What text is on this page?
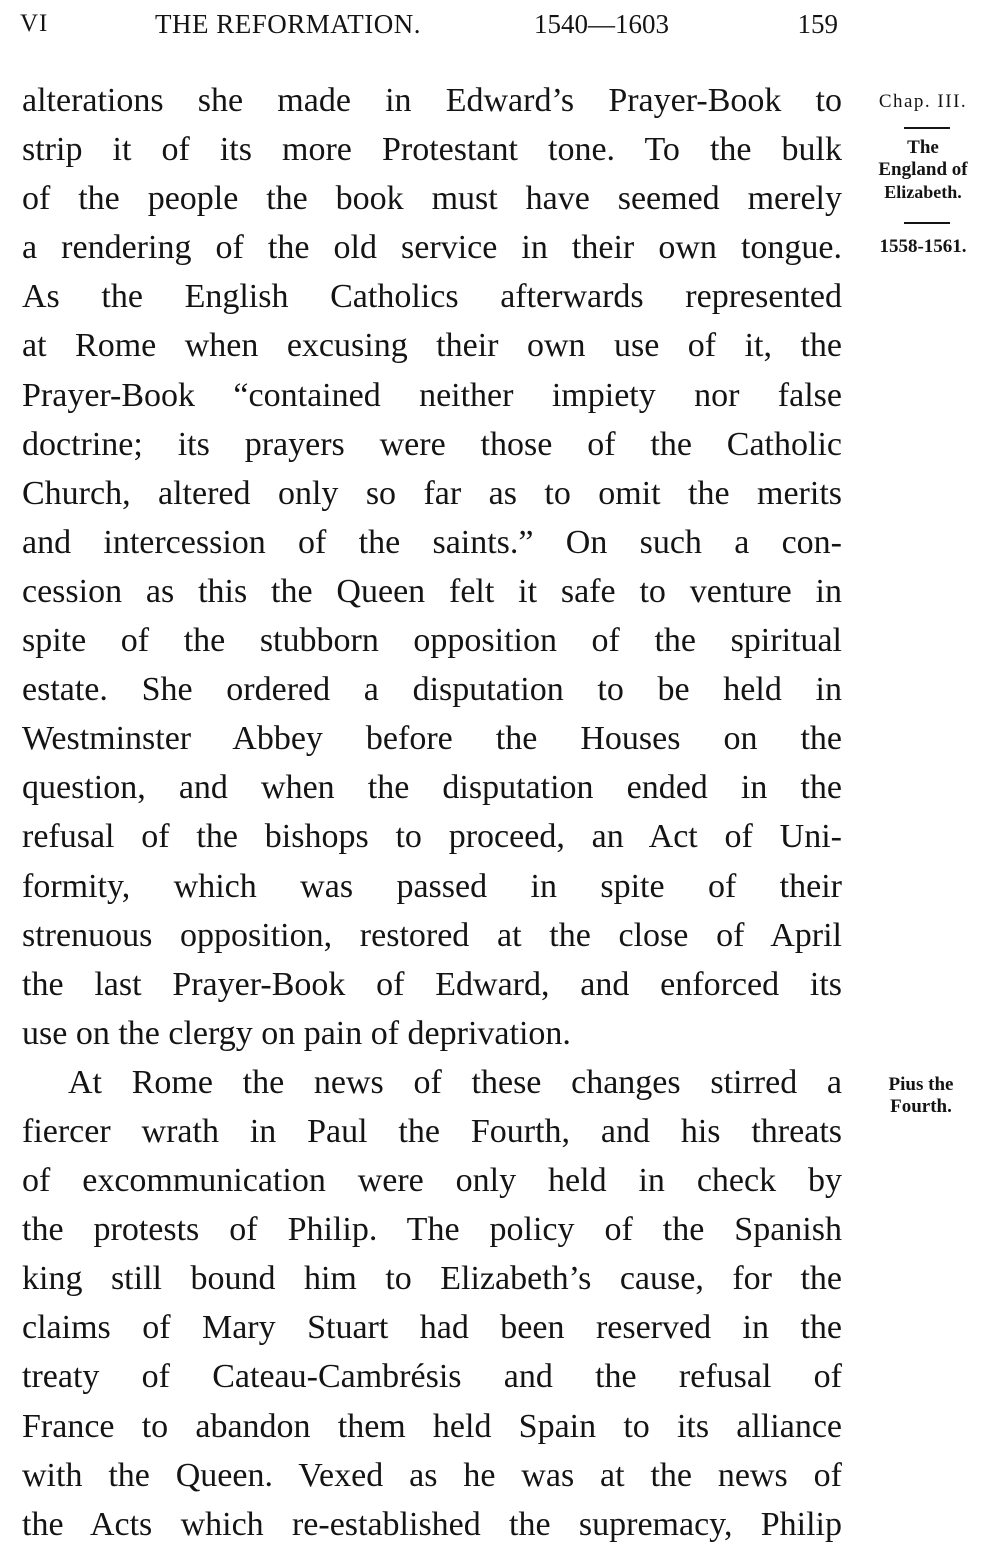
VI	THE REFORMATION.	1540—1603	159
alterations she made in Edward’s Prayer-Book to
strip it of its more Protestant tone. To the bulk
of the people the book must have seemed merely
a rendering of the old service in their own tongue.
As the English Catholics afterwards represented
at Rome when excusing their own use of it, the
Prayer-Book “contained neither impiety nor false
doctrine; its prayers were those of the Catholic
Church, altered only so far as to omit the merits
and intercession of the saints.” On such a con-
cession as this the Queen felt it safe to venture in
spite of the stubborn opposition of the spiritual
estate. She ordered a disputation to be held in
Westminster Abbey before the Houses on the
question, and when the disputation ended in the
refusal of the bishops to proceed, an Act of Uni-
formity, which was passed in spite of their
strenuous opposition, restored at the close of April
the last Prayer-Book of Edward, and enforced its
use on the clergy on pain of deprivation.
At Rome the news of these changes stirred a
fiercer wrath in Paul the Fourth, and his threats
of excommunication were only held in check by
the protests of Philip. The policy of the Spanish
king still bound him to Elizabeth’s cause, for the
claims of Mary Stuart had been reserved in the
treaty of Cateau-Cambrésis and the refusal of
France to abandon them held Spain to its alliance
with the Queen. Vexed as he was at the news of
the Acts which re-established the supremacy, Philip
Chap. III.
The
England of
Elizabeth.
1558-1561.
Pius the
Fourth.
